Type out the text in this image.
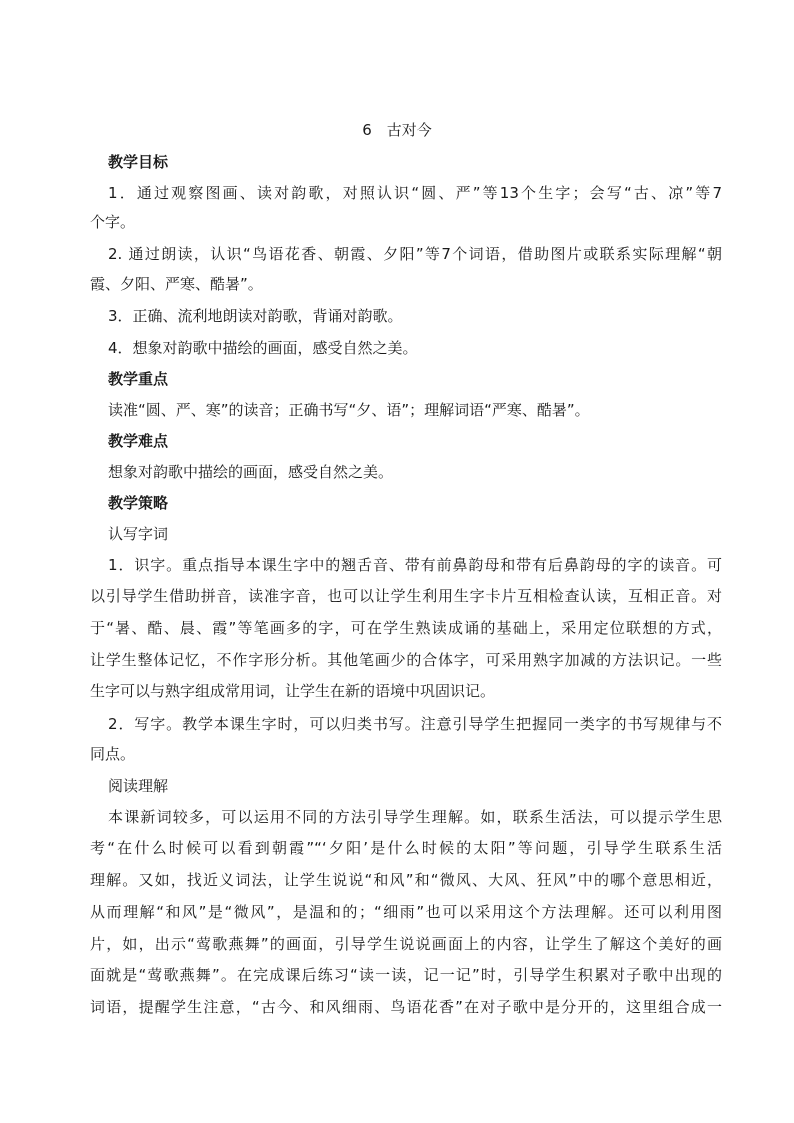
6　古对今
教学目标
1．通过观察图画、读对韵歌，对照认识“圆、严”等13个生字；会写“古、凉”等7
个字。
2. 通过朗读，认识“鸟语花香、朝霞、夕阳”等7个词语，借助图片或联系实际理解“朝
霞、夕阳、严寒、酷暑”。
3．正确、流利地朗读对韵歌，背诵对韵歌。
4．想象对韵歌中描绘的画面，感受自然之美。
教学重点
读准“圆、严、寒”的读音；正确书写“夕、语”；理解词语“严寒、酷暑”。
教学难点
想象对韵歌中描绘的画面，感受自然之美。
教学策略
认写字词
1．识字。重点指导本课生字中的翘舌音、带有前鼻韵母和带有后鼻韵母的字的读音。可
以引导学生借助拼音，读准字音，也可以让学生利用生字卡片互相检查认读，互相正音。对
于“暑、酷、晨、霞”等笔画多的字，可在学生熟读成诵的基础上，采用定位联想的方式，
让学生整体记忆，不作字形分析。其他笔画少的合体字，可采用熟字加减的方法识记。一些
生字可以与熟字组成常用词，让学生在新的语境中巩固识记。
2．写字。教学本课生字时，可以归类书写。注意引导学生把握同一类字的书写规律与不
同点。
阅读理解
本课新词较多，可以运用不同的方法引导学生理解。如，联系生活法，可以提示学生思
考“在什么时候可以看到朝霞”“‘夕阳’是什么时候的太阳”等问题，引导学生联系生活
理解。又如，找近义词法，让学生说说“和风”和“微风、大风、狂风”中的哪个意思相近，
从而理解“和风”是“微风”，是温和的；“细雨”也可以采用这个方法理解。还可以利用图
片，如，出示“莺歌燕舞”的画面，引导学生说说画面上的内容，让学生了解这个美好的画
面就是“莺歌燕舞”。在完成课后练习“读一读，记一记”时，引导学生积累对子歌中出现的
词语，提醒学生注意，“古今、和风细雨、鸟语花香”在对子歌中是分开的，这里组合成一
